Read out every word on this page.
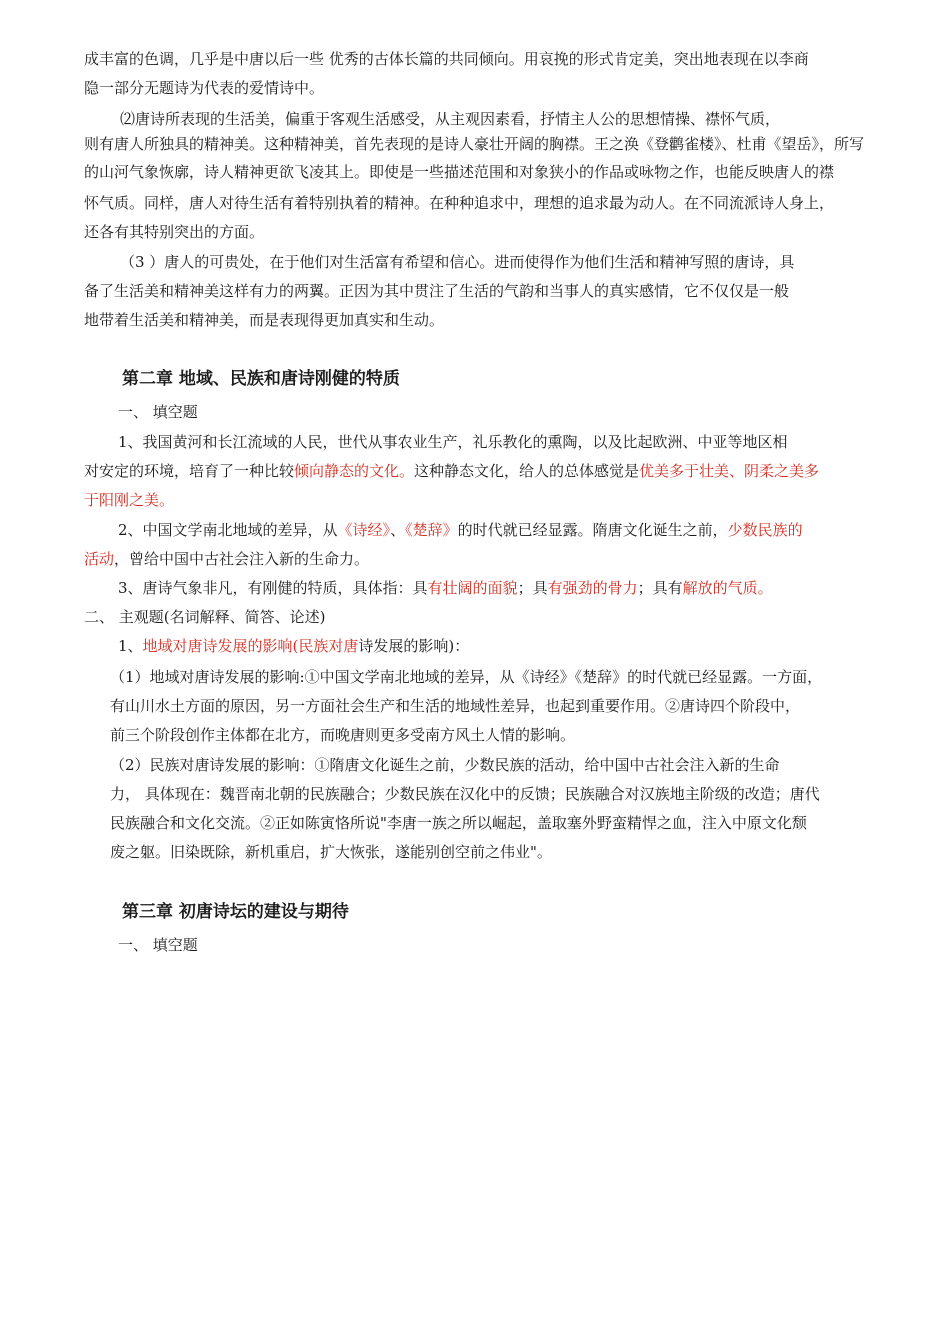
成丰富的色调，几乎是中唐以后一些 优秀的古体长篇的共同倾向。用哀挽的形式肯定美，突出地表现在以李商
隐一部分无题诗为代表的爱情诗中。
⑵唐诗所表现的生活美，偏重于客观生活感受，从主观因素看，抒情主人公的思想情操、襟怀气质，
则有唐人所独具的精神美。这种精神美，首先表现的是诗人豪壮开阔的胸襟。王之涣《登鹳雀楼》、杜甫《望岳》，所写
的山河气象恢廓，诗人精神更欲飞凌其上。即使是一些描述范围和对象狭小的作品或咏物之作，也能反映唐人的襟
怀气质。同样，唐人对待生活有着特别执着的精神。在种种追求中，理想的追求最为动人。在不同流派诗人身上，
还各有其特别突出的方面。
（3 ）唐人的可贵处，在于他们对生活富有希望和信心。进而使得作为他们生活和精神写照的唐诗，具
备了生活美和精神美这样有力的两翼。正因为其中贯注了生活的气韵和当事人的真实感情，它不仅仅是一般
地带着生活美和精神美，而是表现得更加真实和生动。
第二章 地域、民族和唐诗刚健的特质
一、 填空题
1、我国黄河和长江流域的人民，世代从事农业生产，礼乐教化的熏陶，以及比起欧洲、中亚等地区相
对安定的环境，培育了一种比较倾向静态的文化。这种静态文化，给人的总体感觉是优美多于壮美、阴柔之美多
于阳刚之美。
2、中国文学南北地域的差异，从《诗经》、《楚辞》的时代就已经显露。隋唐文化诞生之前，少数民族的
活动，曾给中国中古社会注入新的生命力。
3、唐诗气象非凡，有刚健的特质，具体指：具有壮阔的面貌；具有强劲的骨力；具有解放的气质。
二、 主观题(名词解释、简答、论述)
1、地域对唐诗发展的影响(民族对唐诗发展的影响)：
（1）地域对唐诗发展的影响:①中国文学南北地域的差异，从《诗经》《楚辞》的时代就已经显露。一方面，
有山川水土方面的原因，另一方面社会生产和生活的地域性差异，也起到重要作用。②唐诗四个阶段中，
前三个阶段创作主体都在北方，而晚唐则更多受南方风土人情的影响。
（2）民族对唐诗发展的影响：①隋唐文化诞生之前，少数民族的活动，给中国中古社会注入新的生命
力， 具体现在：魏晋南北朝的民族融合；少数民族在汉化中的反馈；民族融合对汉族地主阶级的改造；唐代
民族融合和文化交流。②正如陈寅恪所说"李唐一族之所以崛起，盖取塞外野蛮精悍之血，注入中原文化颓
废之躯。旧染既除，新机重启，扩大恢张，遂能别创空前之伟业"。
第三章 初唐诗坛的建设与期待
一、 填空题
